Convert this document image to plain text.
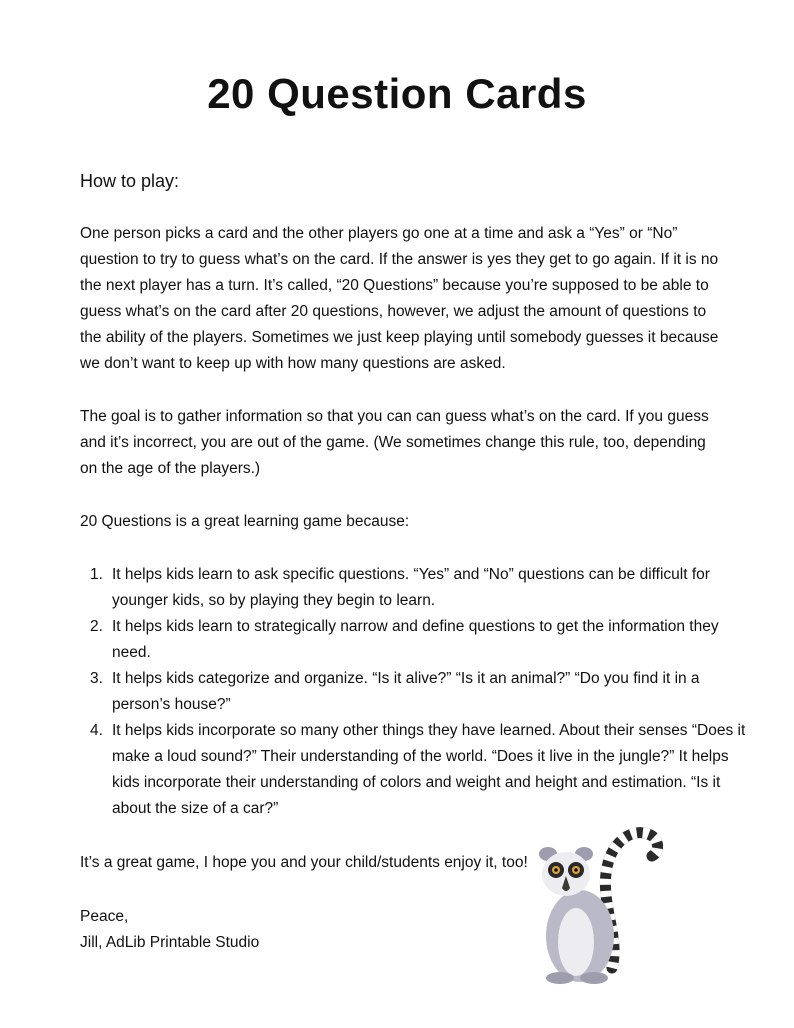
20 Question Cards

How to play:

One person picks a card and the other players go one at a time and ask a “Yes” or “No” question to try to guess what’s on the card. If the answer is yes they get to go again. If it is no the next player has a turn. It’s called, “20 Questions” because you’re supposed to be able to guess what’s on the card after 20 questions, however, we adjust the amount of questions to the ability of the players. Sometimes we just keep playing until somebody guesses it because we don’t want to keep up with how many questions are asked.

The goal is to gather information so that you can can guess what’s on the card. If you guess and it’s incorrect, you are out of the game. (We sometimes change this rule, too, depending on the age of the players.)

20 Questions is a great learning game because:

1. It helps kids learn to ask specific questions. “Yes” and “No” questions can be difficult for younger kids, so by playing they begin to learn.
2. It helps kids learn to strategically narrow and define questions to get the information they need.
3. It helps kids categorize and organize. “Is it alive?” “Is it an animal?” “Do you find it in a person’s house?”
4. It helps kids incorporate so many other things they have learned. About their senses “Does it make a loud sound?” Their understanding of the world. “Does it live in the jungle?” It helps kids incorporate their understanding of colors and weight and height and estimation. “Is it about the size of a car?”

It’s a great game, I hope you and your child/students enjoy it, too!

Peace,
Jill, AdLib Printable Studio
